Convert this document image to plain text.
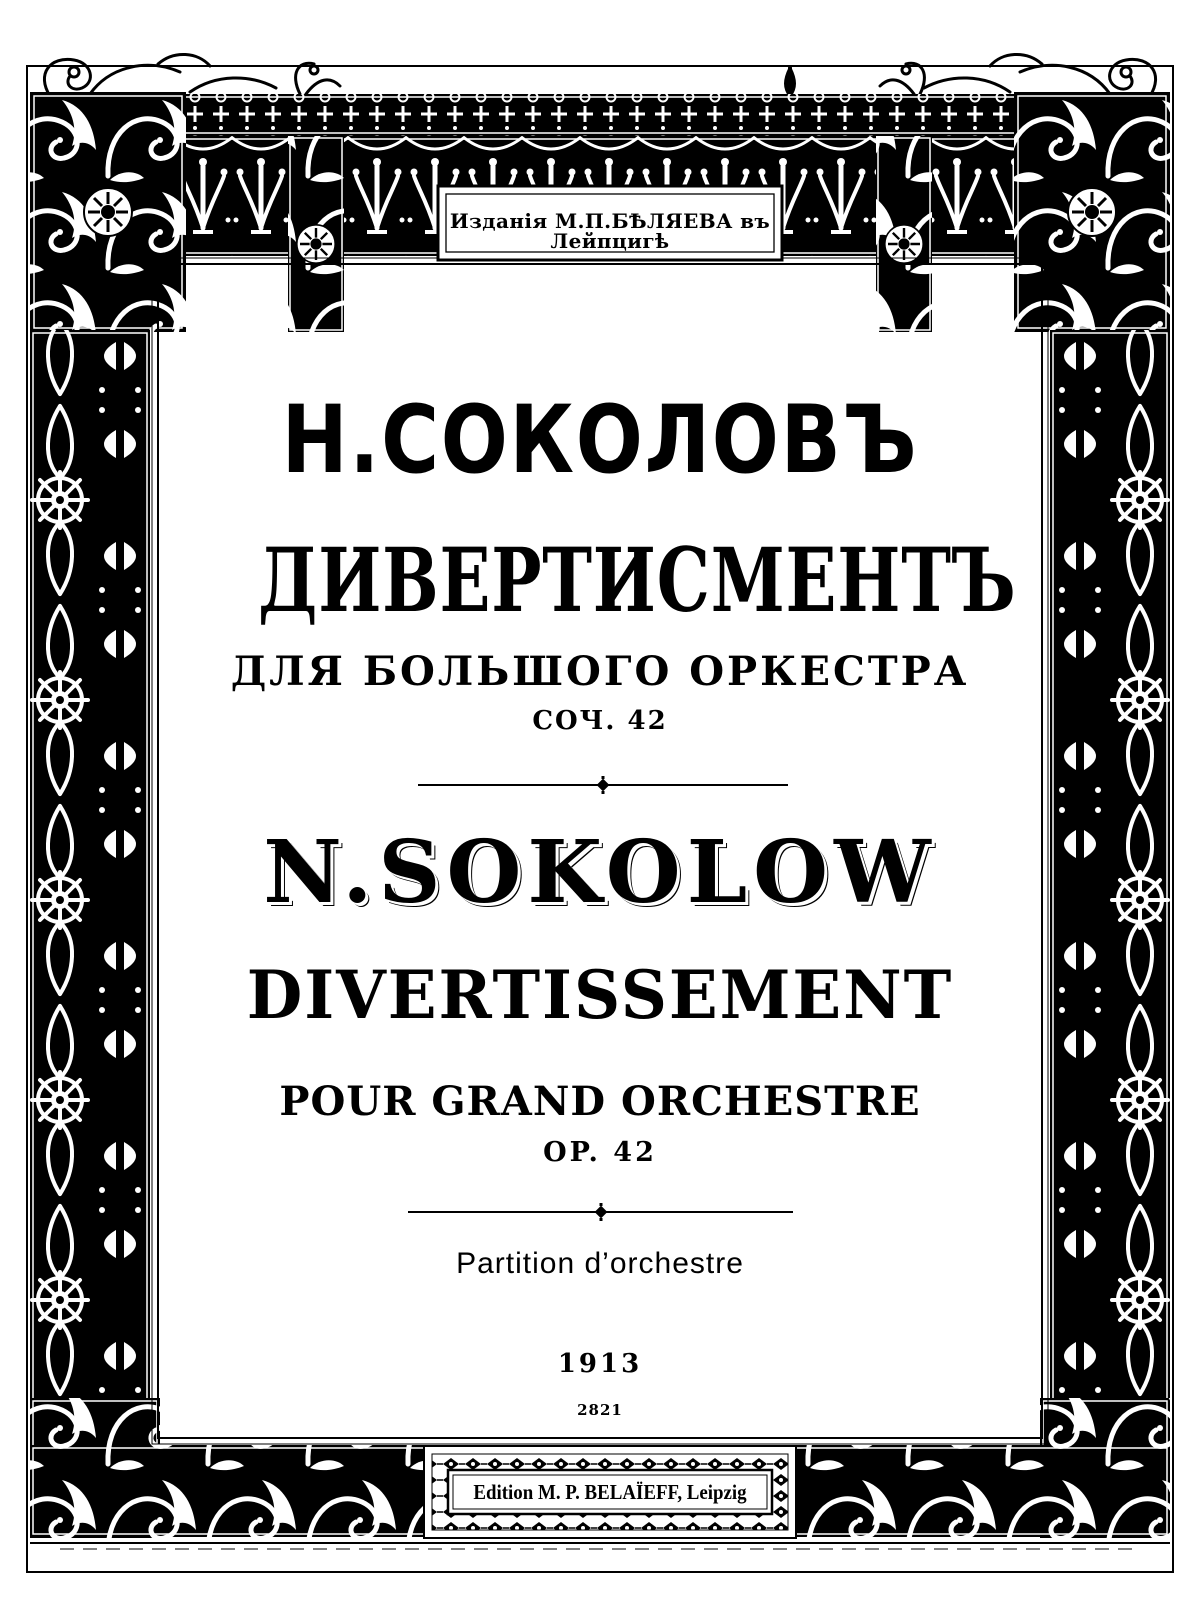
Изданія М.П.БѢЛЯЕВА въ Лейпцигѣ
Н.СОКОЛОВЪ
ДИВЕРТИСМЕНТЪ
ДЛЯ БОЛЬШОГО ОРКЕСТРА
СОЧ. 42
N.SOKOLOW
DIVERTISSEMENT
POUR GRAND ORCHESTRE
OP. 42
Partition d’orchestre
1913
2821
Edition M. P. BELAÏEFF, Leipzig
